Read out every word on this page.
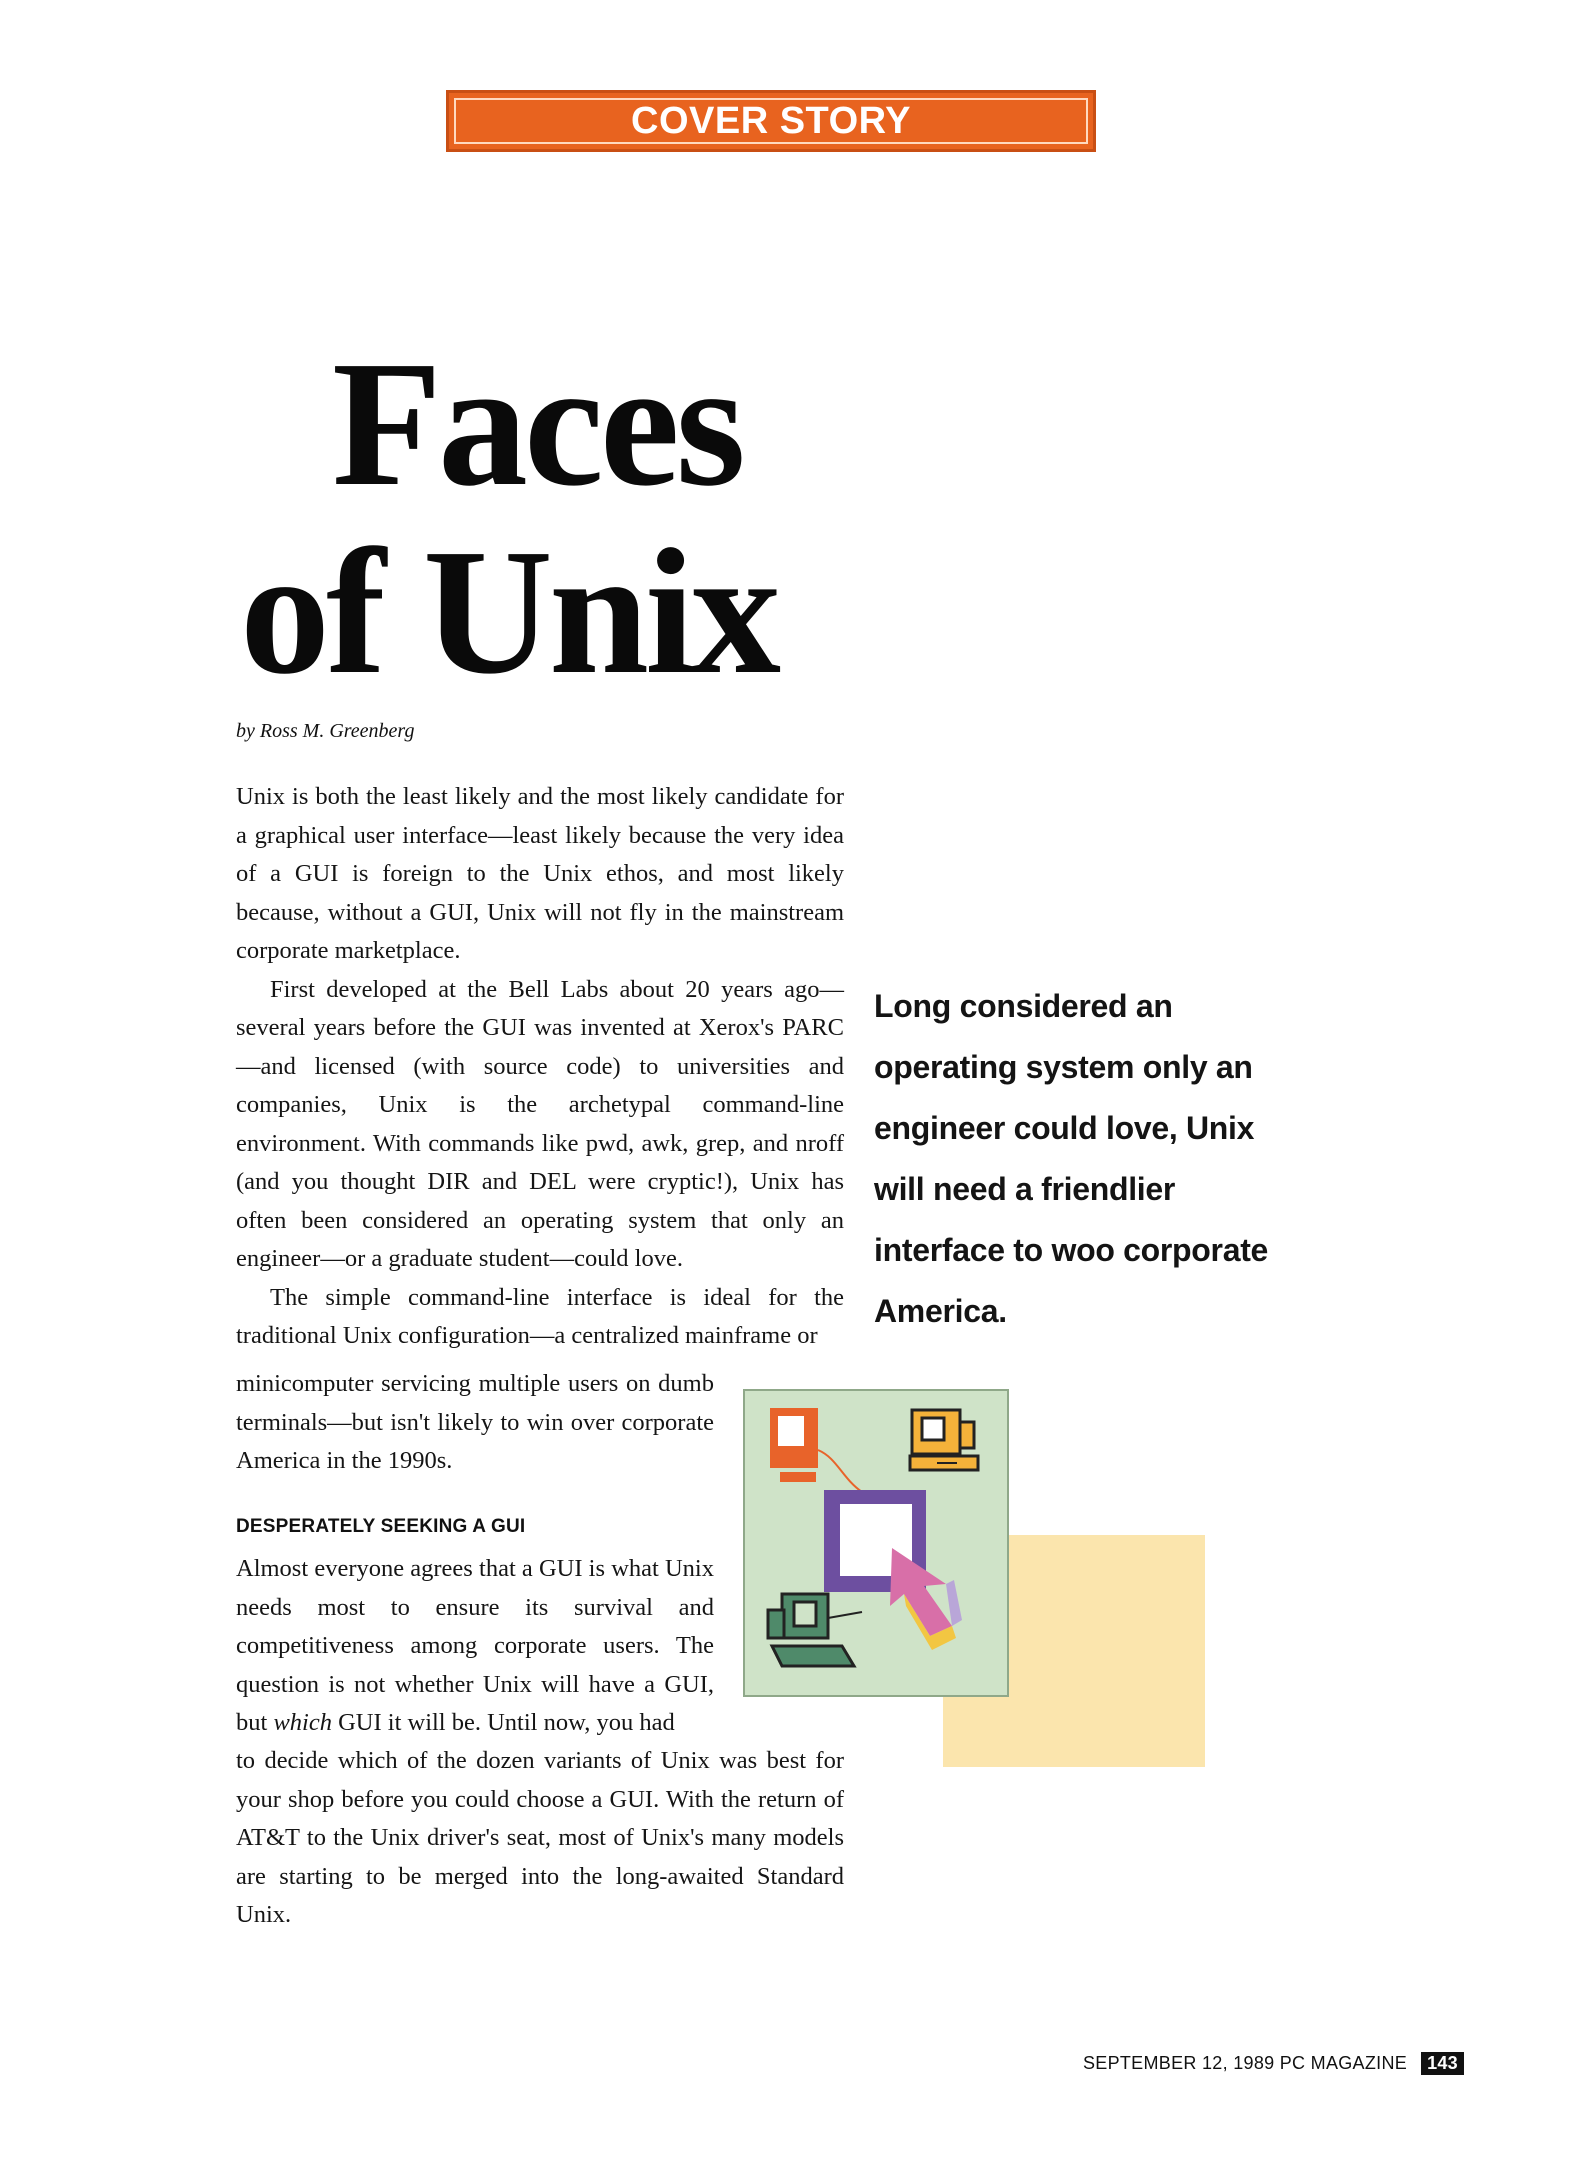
COVER STORY
Faces
of Unix
by Ross M. Greenberg

Unix is both the least likely and the most likely candidate for a graphical user interface—least likely because the very idea of a GUI is foreign to the Unix ethos, and most likely because, without a GUI, Unix will not fly in the mainstream corporate marketplace.

First developed at the Bell Labs about 20 years ago—several years before the GUI was invented at Xerox's PARC—and licensed (with source code) to universities and companies, Unix is the archetypal command-line environment. With commands like pwd, awk, grep, and nroff (and you thought DIR and DEL were cryptic!), Unix has often been considered an operating system that only an engineer—or a graduate student—could love.

The simple command-line interface is ideal for the traditional Unix configuration—a centralized mainframe or

minicomputer servicing multiple users on dumb terminals—but isn't likely to win over corporate America in the 1990s.

DESPERATELY SEEKING A GUI

Almost everyone agrees that a GUI is what Unix needs most to ensure its survival and competitiveness among corporate users. The question is not whether Unix will have a GUI, but which GUI it will be. Until now, you had

to decide which of the dozen variants of Unix was best for your shop before you could choose a GUI. With the return of AT&T to the Unix driver's seat, most of Unix's many models are starting to be merged into the long-awaited Standard Unix.

Long considered an operating system only an engineer could love, Unix will need a friendlier interface to woo corporate America.
SEPTEMBER 12, 1989 PC MAGAZINE	143
